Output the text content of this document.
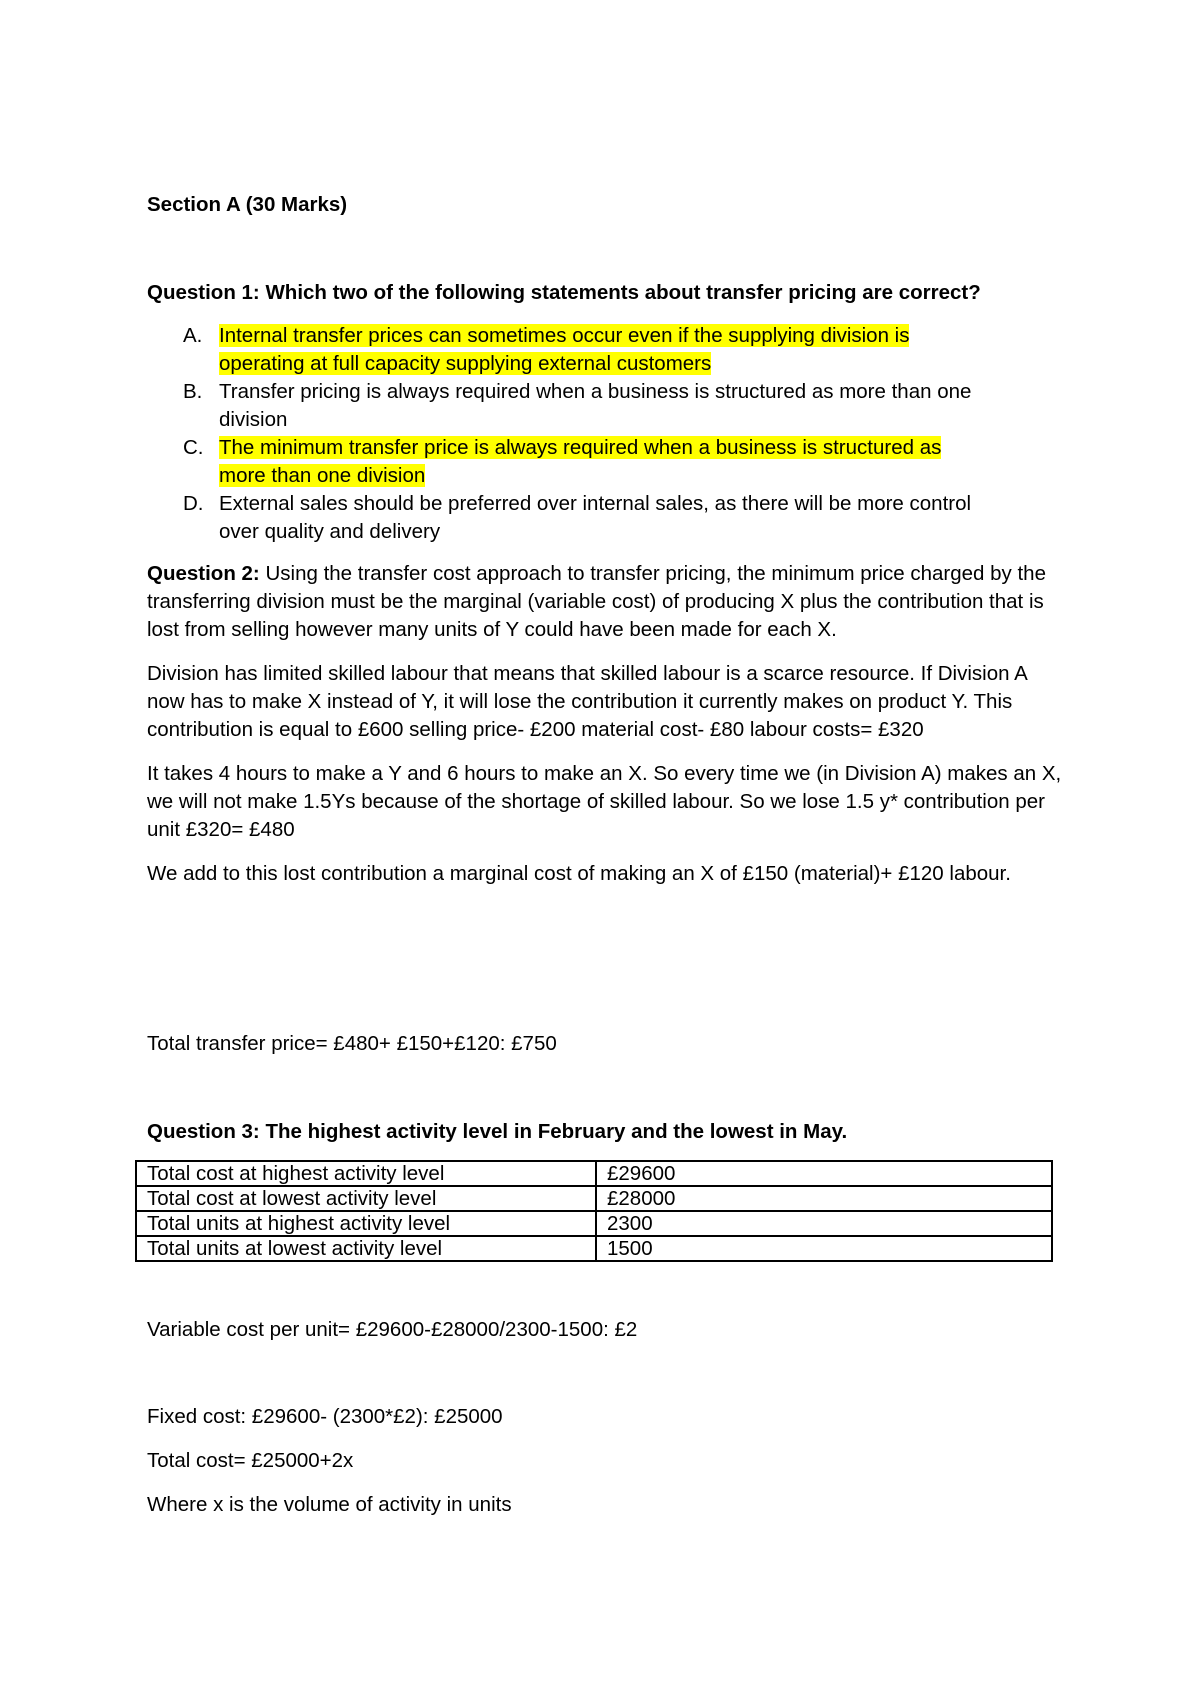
Section A (30 Marks)

Question 1: Which two of the following statements about transfer pricing are correct?

A. Internal transfer prices can sometimes occur even if the supplying division is
operating at full capacity supplying external customers
B. Transfer pricing is always required when a business is structured as more than one
division
C. The minimum transfer price is always required when a business is structured as
more than one division
D. External sales should be preferred over internal sales, as there will be more control
over quality and delivery

Question 2: Using the transfer cost approach to transfer pricing, the minimum price charged by the transferring division must be the marginal (variable cost) of producing X plus the contribution that is lost from selling however many units of Y could have been made for each X.

Division has limited skilled labour that means that skilled labour is a scarce resource. If Division A now has to make X instead of Y, it will lose the contribution it currently makes on product Y. This contribution is equal to £600 selling price- £200 material cost- £80 labour costs= £320

It takes 4 hours to make a Y and 6 hours to make an X. So every time we (in Division A) makes an X, we will not make 1.5Ys because of the shortage of skilled labour. So we lose 1.5 y* contribution per unit £320= £480

We add to this lost contribution a marginal cost of making an X of £150 (material)+ £120 labour.

Total transfer price= £480+ £150+£120: £750

Question 3: The highest activity level in February and the lowest in May.

Total cost at highest activity level	£29600
Total cost at lowest activity level	£28000
Total units at highest activity level	2300
Total units at lowest activity level	1500

Variable cost per unit= £29600-£28000/2300-1500: £2

Fixed cost: £29600- (2300*£2): £25000

Total cost= £25000+2x

Where x is the volume of activity in units
